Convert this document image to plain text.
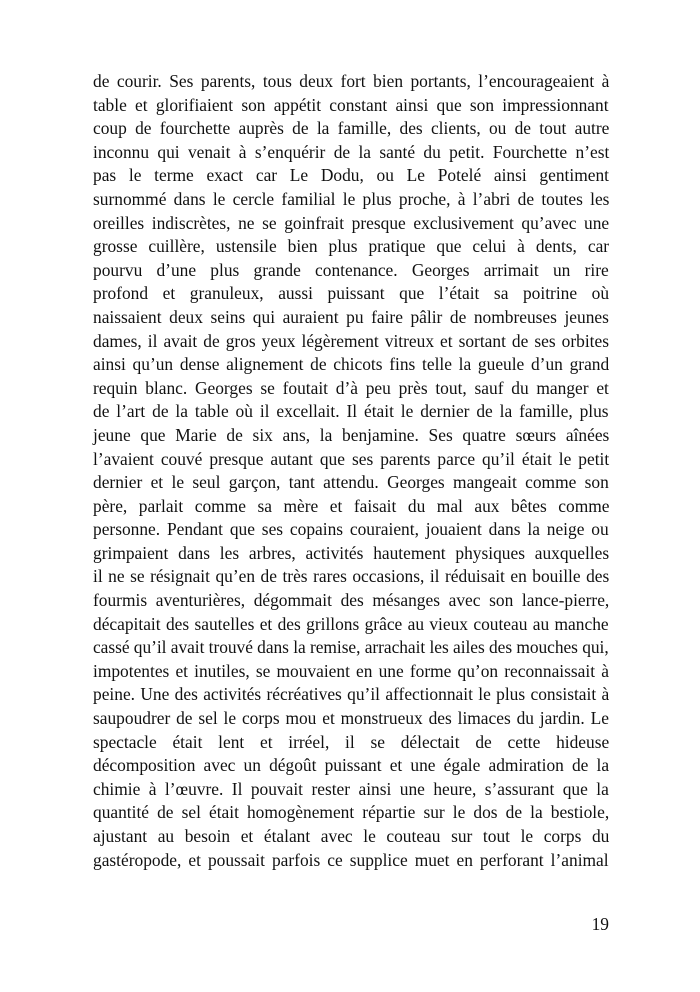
de courir. Ses parents, tous deux fort bien portants, l’encourageaient à
table et glorifiaient son appétit constant ainsi que son impressionnant
coup de fourchette auprès de la famille, des clients, ou de tout autre
inconnu qui venait à s’enquérir de la santé du petit. Fourchette n’est
pas le terme exact car Le Dodu, ou Le Potelé ainsi gentiment
surnommé dans le cercle familial le plus proche, à l’abri de toutes les
oreilles indiscrètes, ne se goinfrait presque exclusivement qu’avec une
grosse cuillère, ustensile bien plus pratique que celui à dents, car
pourvu d’une plus grande contenance. Georges arrimait un rire
profond et granuleux, aussi puissant que l’était sa poitrine où
naissaient deux seins qui auraient pu faire pâlir de nombreuses jeunes
dames, il avait de gros yeux légèrement vitreux et sortant de ses orbites
ainsi qu’un dense alignement de chicots fins telle la gueule d’un grand
requin blanc. Georges se foutait d’à peu près tout, sauf du manger et
de l’art de la table où il excellait. Il était le dernier de la famille, plus
jeune que Marie de six ans, la benjamine. Ses quatre sœurs aînées
l’avaient couvé presque autant que ses parents parce qu’il était le petit
dernier et le seul garçon, tant attendu. Georges mangeait comme son
père, parlait comme sa mère et faisait du mal aux bêtes comme
personne. Pendant que ses copains couraient, jouaient dans la neige ou
grimpaient dans les arbres, activités hautement physiques auxquelles
il ne se résignait qu’en de très rares occasions, il réduisait en bouille des
fourmis aventurières, dégommait des mésanges avec son lance-pierre,
décapitait des sautelles et des grillons grâce au vieux couteau au manche
cassé qu’il avait trouvé dans la remise, arrachait les ailes des mouches qui,
impotentes et inutiles, se mouvaient en une forme qu’on reconnaissait à
peine. Une des activités récréatives qu’il affectionnait le plus consistait à
saupoudrer de sel le corps mou et monstrueux des limaces du jardin. Le
spectacle était lent et irréel, il se délectait de cette hideuse
décomposition avec un dégoût puissant et une égale admiration de la
chimie à l’œuvre. Il pouvait rester ainsi une heure, s’assurant que la
quantité de sel était homogènement répartie sur le dos de la bestiole,
ajustant au besoin et étalant avec le couteau sur tout le corps du
gastéropode, et poussait parfois ce supplice muet en perforant l’animal
19
